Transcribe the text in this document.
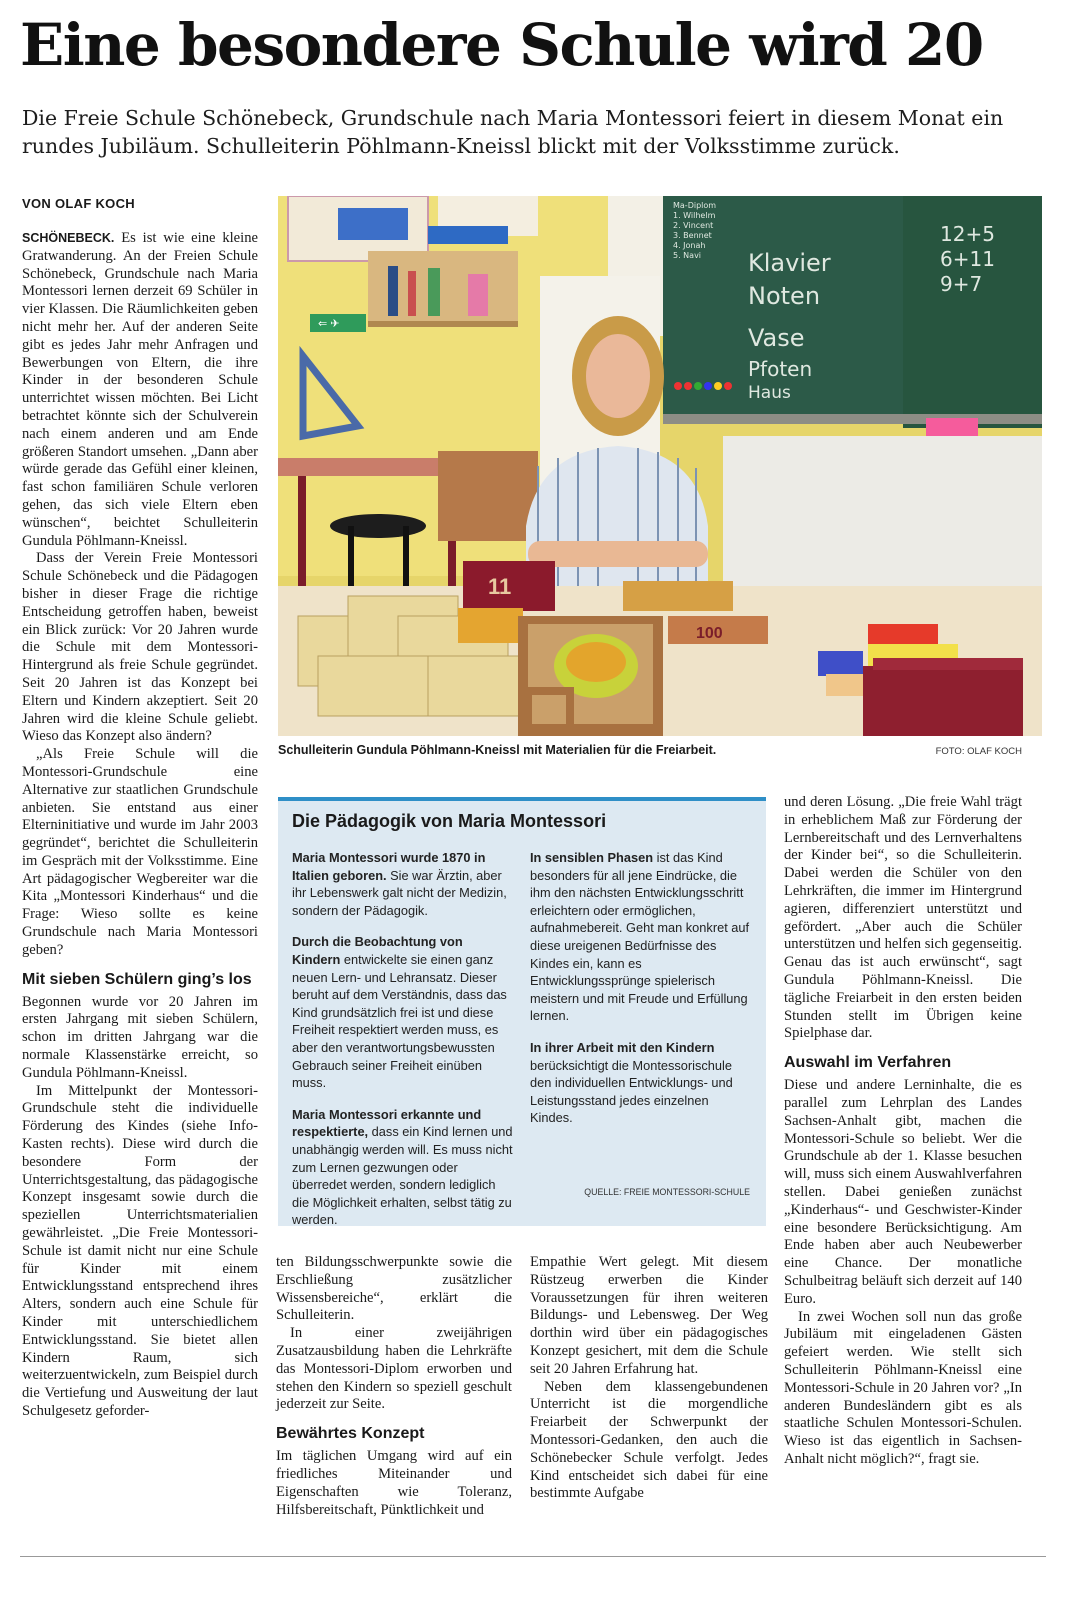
Eine besondere Schule wird 20
Die Freie Schule Schönebeck, Grundschule nach Maria Montessori feiert in diesem Monat ein rundes Jubiläum. Schulleiterin Pöhlmann-Kneissl blickt mit der Volksstimme zurück.
VON OLAF KOCH

SCHÖNEBECK. Es ist wie eine kleine Gratwanderung. An der Freien Schule Schönebeck, Grundschule nach Maria Montessori lernen derzeit 69 Schüler in vier Klassen. Die Räumlichkeiten geben nicht mehr her. Auf der anderen Seite gibt es jedes Jahr mehr Anfragen und Bewerbungen von Eltern, die ihre Kinder in der besonderen Schule unterrichtet wissen möchten. Bei Licht betrachtet könnte sich der Schulverein nach einem anderen und am Ende größeren Standort umsehen. „Dann aber würde gerade das Gefühl einer kleinen, fast schon familiären Schule verloren gehen, das sich viele Eltern eben wünschen“, beichtet Schulleiterin Gundula Pöhlmann-Kneissl.

Dass der Verein Freie Montessori Schule Schönebeck und die Pädagogen bisher in dieser Frage die richtige Entscheidung getroffen haben, beweist ein Blick zurück: Vor 20 Jahren wurde die Schule mit dem Montessori-Hintergrund als freie Schule gegründet. Seit 20 Jahren ist das Konzept bei Eltern und Kindern akzeptiert. Seit 20 Jahren wird die kleine Schule geliebt. Wieso das Konzept also ändern?

„Als Freie Schule will die Montessori-Grundschule eine Alternative zur staatlichen Grundschule anbieten. Sie entstand aus einer Elterninitiative und wurde im Jahr 2003 gegründet“, berichtet die Schulleiterin im Gespräch mit der Volksstimme. Eine Art pädagogischer Wegbereiter war die Kita „Montessori Kinderhaus“ und die Frage: Wieso sollte es keine Grundschule nach Maria Montessori geben?

Mit sieben Schülern ging’s los

Begonnen wurde vor 20 Jahren im ersten Jahrgang mit sieben Schülern, schon im dritten Jahrgang war die normale Klassenstärke erreicht, so Gundula Pöhlmann-Kneissl.

Im Mittelpunkt der Montessori-Grundschule steht die individuelle Förderung des Kindes (siehe Info-Kasten rechts). Diese wird durch die besondere Form der Unterrichtsgestaltung, das pädagogische Konzept insgesamt sowie durch die speziellen Unterrichtsmaterialien gewährleistet. „Die Freie Montessori-Schule ist damit nicht nur eine Schule für Kinder mit einem Entwicklungsstand entsprechend ihres Alters, sondern auch eine Schule für Kinder mit unterschiedlichem Entwicklungsstand. Sie bietet allen Kindern Raum, sich weiterzuentwickeln, zum Beispiel durch die Vertiefung und Ausweitung der laut Schulgesetz geforder-

⇐ ✈
Ma-Diplom
1. Wilhelm
2. Vincent
3. Bennet
4. Jonah
5. Navi Klavier
Noten
Vase
Pfoten
Haus
12+5
6+11
9+7
11
100
Schulleiterin Gundula Pöhlmann-Kneissl mit Materialien für die Freiarbeit.	FOTO: OLAF KOCH
Die Pädagogik von Maria Montessori

Maria Montessori wurde 1870 in Italien geboren. Sie war Ärztin, aber ihr Lebenswerk galt nicht der Medizin, sondern der Pädagogik.

Durch die Beobachtung von Kindern entwickelte sie einen ganz neuen Lern- und Lehransatz. Dieser beruht auf dem Verständnis, dass das Kind grundsätzlich frei ist und diese Freiheit respektiert werden muss, es aber den verantwortungsbewussten Gebrauch seiner Freiheit einüben muss.

Maria Montessori erkannte und respektierte, dass ein Kind lernen und unabhängig werden will. Es muss nicht zum Lernen gezwungen oder überredet werden, sondern lediglich die Möglichkeit erhalten, selbst tätig zu werden.

In sensiblen Phasen ist das Kind besonders für all jene Eindrücke, die ihm den nächsten Entwicklungsschritt erleichtern oder ermöglichen, aufnahmebereit. Geht man konkret auf diese ureigenen Bedürfnisse des Kindes ein, kann es Entwicklungssprünge spielerisch meistern und mit Freude und Erfüllung lernen.

In ihrer Arbeit mit den Kindern berücksichtigt die Montessorischule den individuellen Entwicklungs- und Leistungsstand jedes einzelnen Kindes.

QUELLE: FREIE MONTESSORI-SCHULE

ten Bildungsschwerpunkte sowie die Erschließung zusätzlicher Wissensbereiche“, erklärt die Schulleiterin.

In einer zweijährigen Zusatzausbildung haben die Lehrkräfte das Montessori-Diplom erworben und stehen den Kindern so speziell geschult jederzeit zur Seite.

Bewährtes Konzept

Im täglichen Umgang wird auf ein friedliches Miteinander und Eigenschaften wie Toleranz, Hilfsbereitschaft, Pünktlichkeit und

Empathie Wert gelegt. Mit diesem Rüstzeug erwerben die Kinder Voraussetzungen für ihren weiteren Bildungs- und Lebensweg. Der Weg dorthin wird über ein pädagogisches Konzept gesichert, mit dem die Schule seit 20 Jahren Erfahrung hat.

Neben dem klassengebundenen Unterricht ist die morgendliche Freiarbeit der Schwerpunkt der Montessori-Gedanken, den auch die Schönebecker Schule verfolgt. Jedes Kind entscheidet sich dabei für eine bestimmte Aufgabe

und deren Lösung. „Die freie Wahl trägt in erheblichem Maß zur Förderung der Lernbereitschaft und des Lernverhaltens der Kinder bei“, so die Schulleiterin. Dabei werden die Schüler von den Lehrkräften, die immer im Hintergrund agieren, differenziert unterstützt und gefördert. „Aber auch die Schüler unterstützen und helfen sich gegenseitig. Genau das ist auch erwünscht“, sagt Gundula Pöhlmann-Kneissl. Die tägliche Freiarbeit in den ersten beiden Stunden stellt im Übrigen keine Spielphase dar.

Auswahl im Verfahren

Diese und andere Lerninhalte, die es parallel zum Lehrplan des Landes Sachsen-Anhalt gibt, machen die Montessori-Schule so beliebt. Wer die Grundschule ab der 1. Klasse besuchen will, muss sich einem Auswahlverfahren stellen. Dabei genießen zunächst „Kinderhaus“- und Geschwister-Kinder eine besondere Berücksichtigung. Am Ende haben aber auch Neubewerber eine Chance. Der monatliche Schulbeitrag beläuft sich derzeit auf 140 Euro.

In zwei Wochen soll nun das große Jubiläum mit eingeladenen Gästen gefeiert werden. Wie stellt sich Schulleiterin Pöhlmann-Kneissl eine Montessori-Schule in 20 Jahren vor? „In anderen Bundesländern gibt es als staatliche Schulen Montessori-Schulen. Wieso ist das eigentlich in Sachsen-Anhalt nicht möglich?“, fragt sie.
